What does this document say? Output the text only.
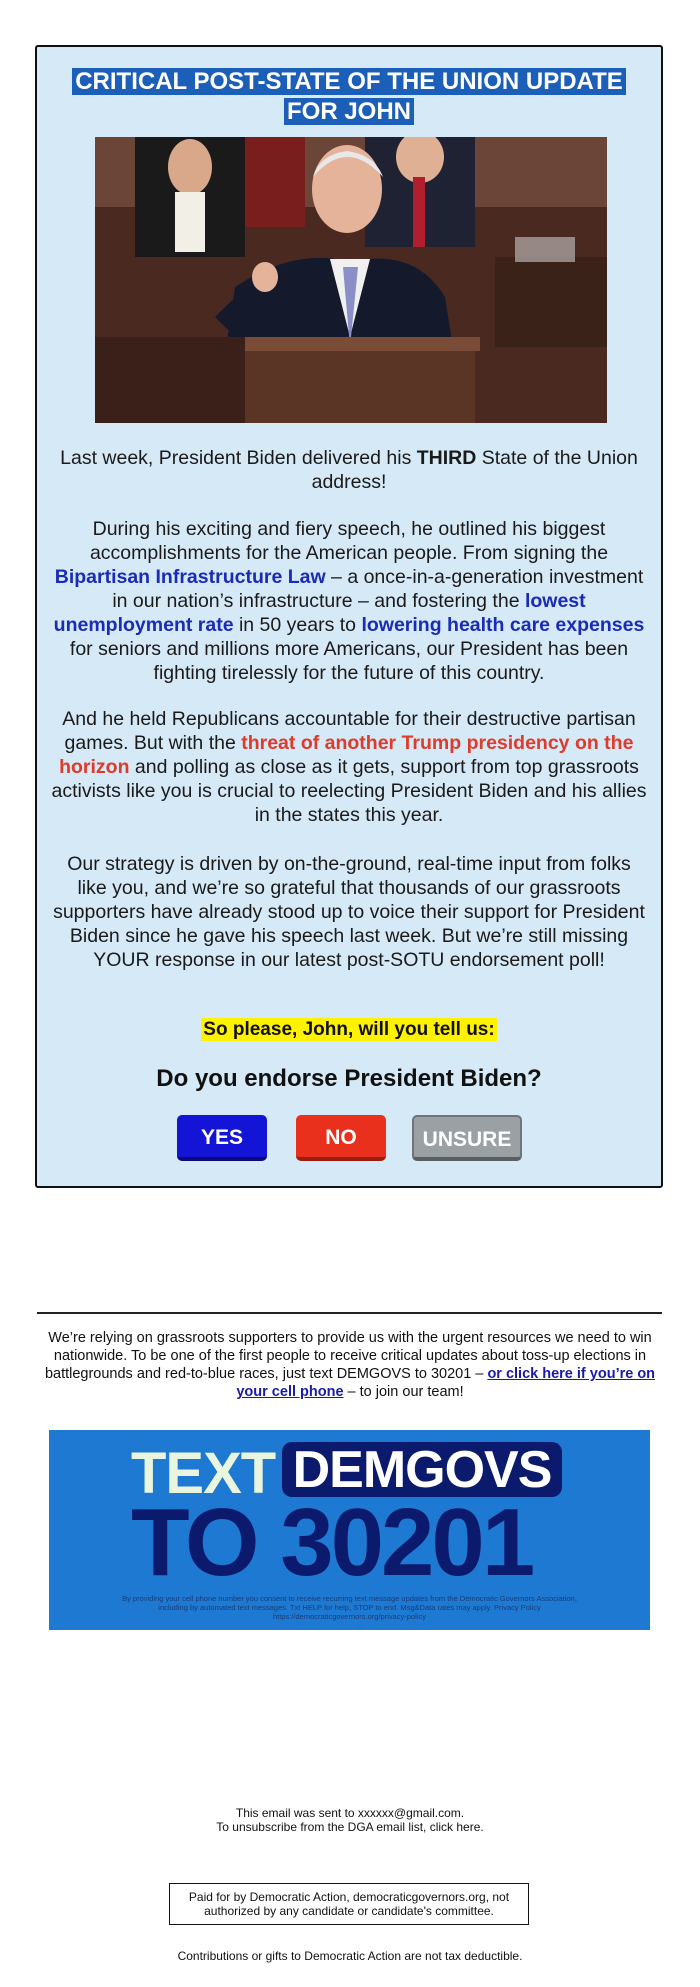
CRITICAL POST-STATE OF THE UNION UPDATE
FOR JOHN
Last week, President Biden delivered his THIRD State of the Union address!
During his exciting and fiery speech, he outlined his biggest accomplishments for the American people. From signing the Bipartisan Infrastructure Law – a once-in-a-generation investment in our nation’s infrastructure – and fostering the lowest unemployment rate in 50 years to lowering health care expenses for seniors and millions more Americans, our President has been fighting tirelessly for the future of this country.
And he held Republicans accountable for their destructive partisan games. But with the threat of another Trump presidency on the horizon and polling as close as it gets, support from top grassroots activists like you is crucial to reelecting President Biden and his allies in the states this year.
Our strategy is driven by on-the-ground, real-time input from folks like you, and we’re so grateful that thousands of our grassroots supporters have already stood up to voice their support for President Biden since he gave his speech last week. But we’re still missing YOUR response in our latest post-SOTU endorsement poll!
So please, John, will you tell us:
Do you endorse President Biden?
YES	NO	UNSURE
We’re relying on grassroots supporters to provide us with the urgent resources we need to win nationwide. To be one of the first people to receive critical updates about toss-up elections in battlegrounds and red-to-blue races, just text DEMGOVS to 30201 – or click here if you’re on your cell phone – to join our team!
TEXT DEMGOVS
TO 30201
By providing your cell phone number you consent to receive recurring text message updates from the Democratic Governors Association, including by automated text messages. Txt HELP for help, STOP to end. Msg&Data rates may apply. Privacy Policy https://democraticgovernors.org/privacy-policy
This email was sent to xxxxxx@gmail.com.
To unsubscribe from the DGA email list, click here.
Paid for by Democratic Action, democraticgovernors.org, not authorized by any candidate or candidate's committee.
Contributions or gifts to Democratic Action are not tax deductible.
